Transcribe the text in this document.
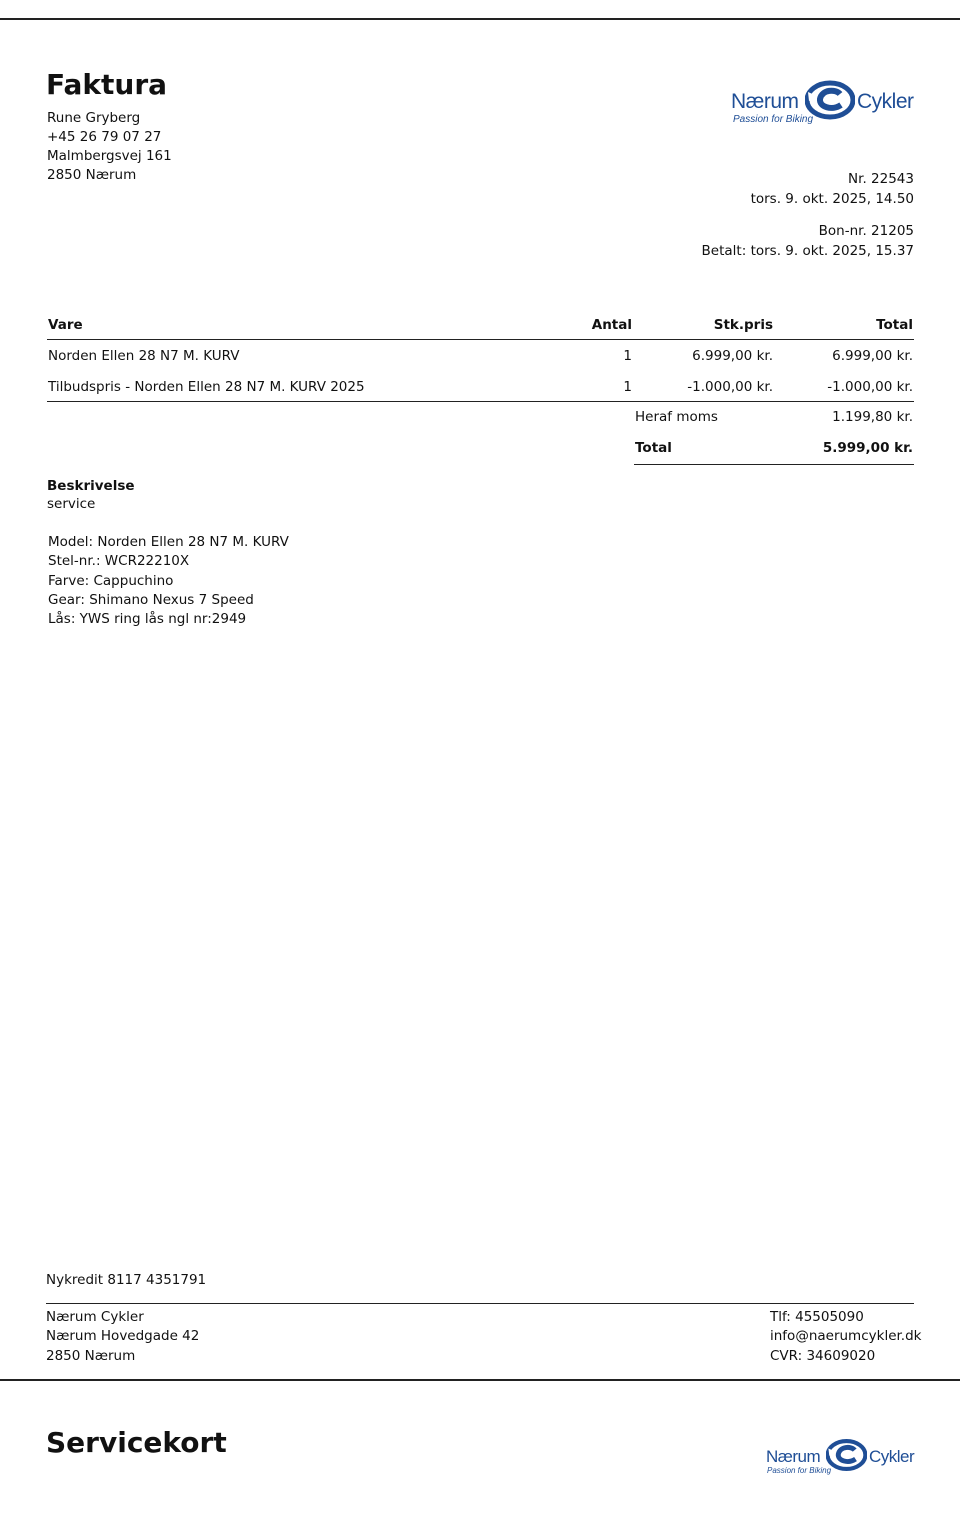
Faktura
Nærum	Cykler
Passion for Biking
Rune Gryberg
+45 26 79 07 27
Malmbergsvej 161
2850 Nærum	Nr. 22543
tors. 9. okt. 2025, 14.50
Bon-nr. 21205
Betalt: tors. 9. okt. 2025, 15.37
Vare	Antal	Stk.pris	Total
Norden Ellen 28 N7 M. KURV	1	6.999,00 kr.	6.999,00 kr.
Tilbudspris - Norden Ellen 28 N7 M. KURV 2025	1	-1.000,00 kr.	-1.000,00 kr.
Heraf moms	1.199,80 kr.
Total	5.999,00 kr.
Beskrivelse
service
Model: Norden Ellen 28 N7 M. KURV
Stel-nr.: WCR22210X
Farve: Cappuchino
Gear: Shimano Nexus 7 Speed
Lås: YWS ring lås ngl nr:2949
Nykredit 8117 4351791
Nærum Cykler
Nærum Hovedgade 42
2850 Nærum
Tlf: 45505090
info@naerumcykler.dk
CVR: 34609020
Servicekort	Nærum	Cykler
Passion for Biking
